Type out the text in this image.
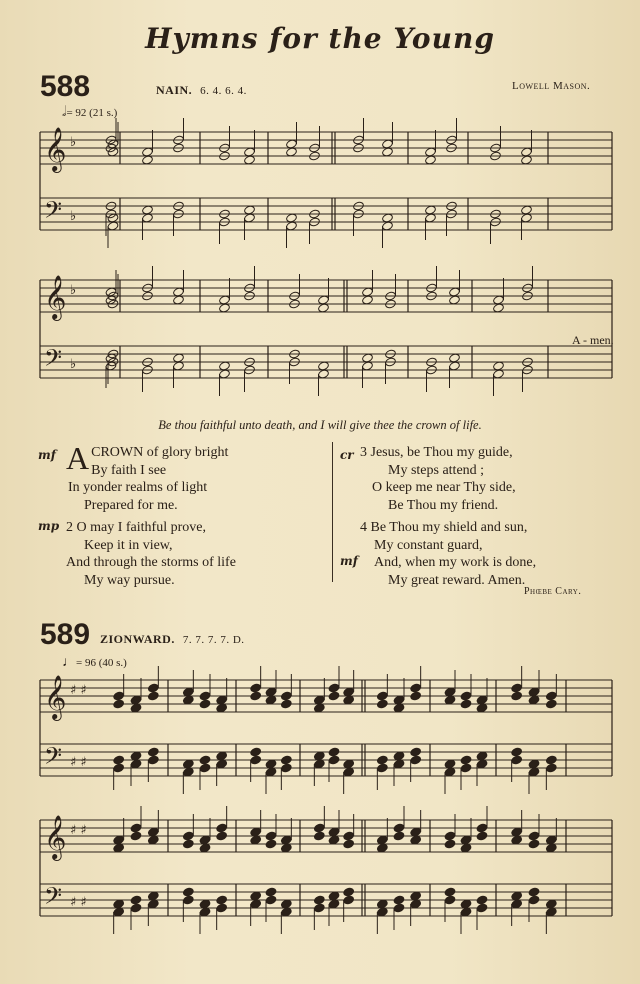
Hymns for the Young
588	NAIN. 6. 4. 6. 4.	Lowell Mason.
𝅗𝅥= 92 (21 s.)
589 ZIONWARD. 7. 7. 7. 7. D.
♩= 96 (40 s.)
𝄞
𝄢
♭
♭
𝄞
𝄢
♭
♭
𝄞
𝄢
♯ ♯
♯ ♯
𝄞
𝄢
♯ ♯
♯ ♯
A - men.
Be thou faithful unto death, and I will give thee the crown of life.
mf ACROWN of glory bright
By faith I see
In yonder realms of light
Prepared for me.
2 O may I faithful prove,
Keep it in view,
And through the storms of life
My way pursue.
mp
cr 3 Jesus, be Thou my guide,
My steps attend ;
O keep me near Thy side,
Be Thou my friend.
4 Be Thou my shield and sun,
My constant guard,
And, when my work is done,
My great reward. Amen.
mf
Phœbe Cary.
